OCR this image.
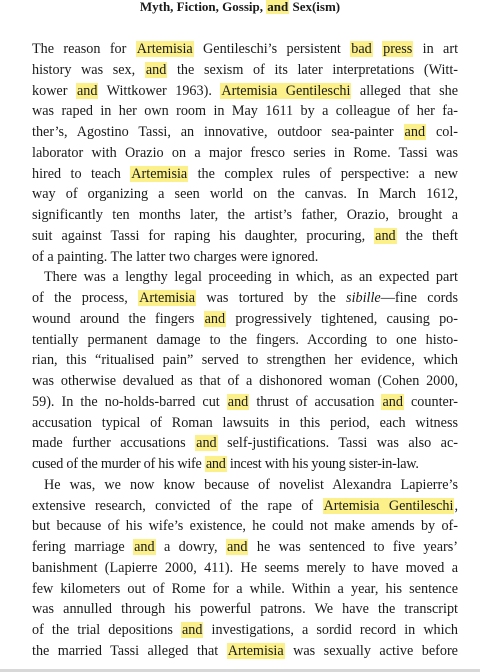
Myth, Fiction, Gossip, and Sex(ism)
The reason for Artemisia Gentileschi’s persistent bad press in art
history was sex, and the sexism of its later interpretations (Witt-
kower and Wittkower 1963). Artemisia Gentileschi alleged that she
was raped in her own room in May 1611 by a colleague of her fa-
ther’s, Agostino Tassi, an innovative, outdoor sea-painter and col-
laborator with Orazio on a major fresco series in Rome. Tassi was
hired to teach Artemisia the complex rules of perspective: a new
way of organizing a seen world on the canvas. In March 1612,
significantly ten months later, the artist’s father, Orazio, brought a
suit against Tassi for raping his daughter, procuring, and the theft
of a painting. The latter two charges were ignored.
There was a lengthy legal proceeding in which, as an expected part
of the process, Artemisia was tortured by the sibille—fine cords
wound around the fingers and progressively tightened, causing po-
tentially permanent damage to the fingers. According to one histo-
rian, this “ritualised pain” served to strengthen her evidence, which
was otherwise devalued as that of a dishonored woman (Cohen 2000,
59). In the no-holds-barred cut and thrust of accusation and counter-
accusation typical of Roman lawsuits in this period, each witness
made further accusations and self-justifications. Tassi was also ac-
cused of the murder of his wife and incest with his young sister-in-law.
He was, we now know because of novelist Alexandra Lapierre’s
extensive research, convicted of the rape of Artemisia Gentileschi,
but because of his wife’s existence, he could not make amends by of-
fering marriage and a dowry, and he was sentenced to five years’
banishment (Lapierre 2000, 411). He seems merely to have moved a
few kilometers out of Rome for a while. Within a year, his sentence
was annulled through his powerful patrons. We have the transcript
of the trial depositions and investigations, a sordid record in which
the married Tassi alleged that Artemisia was sexually active before
